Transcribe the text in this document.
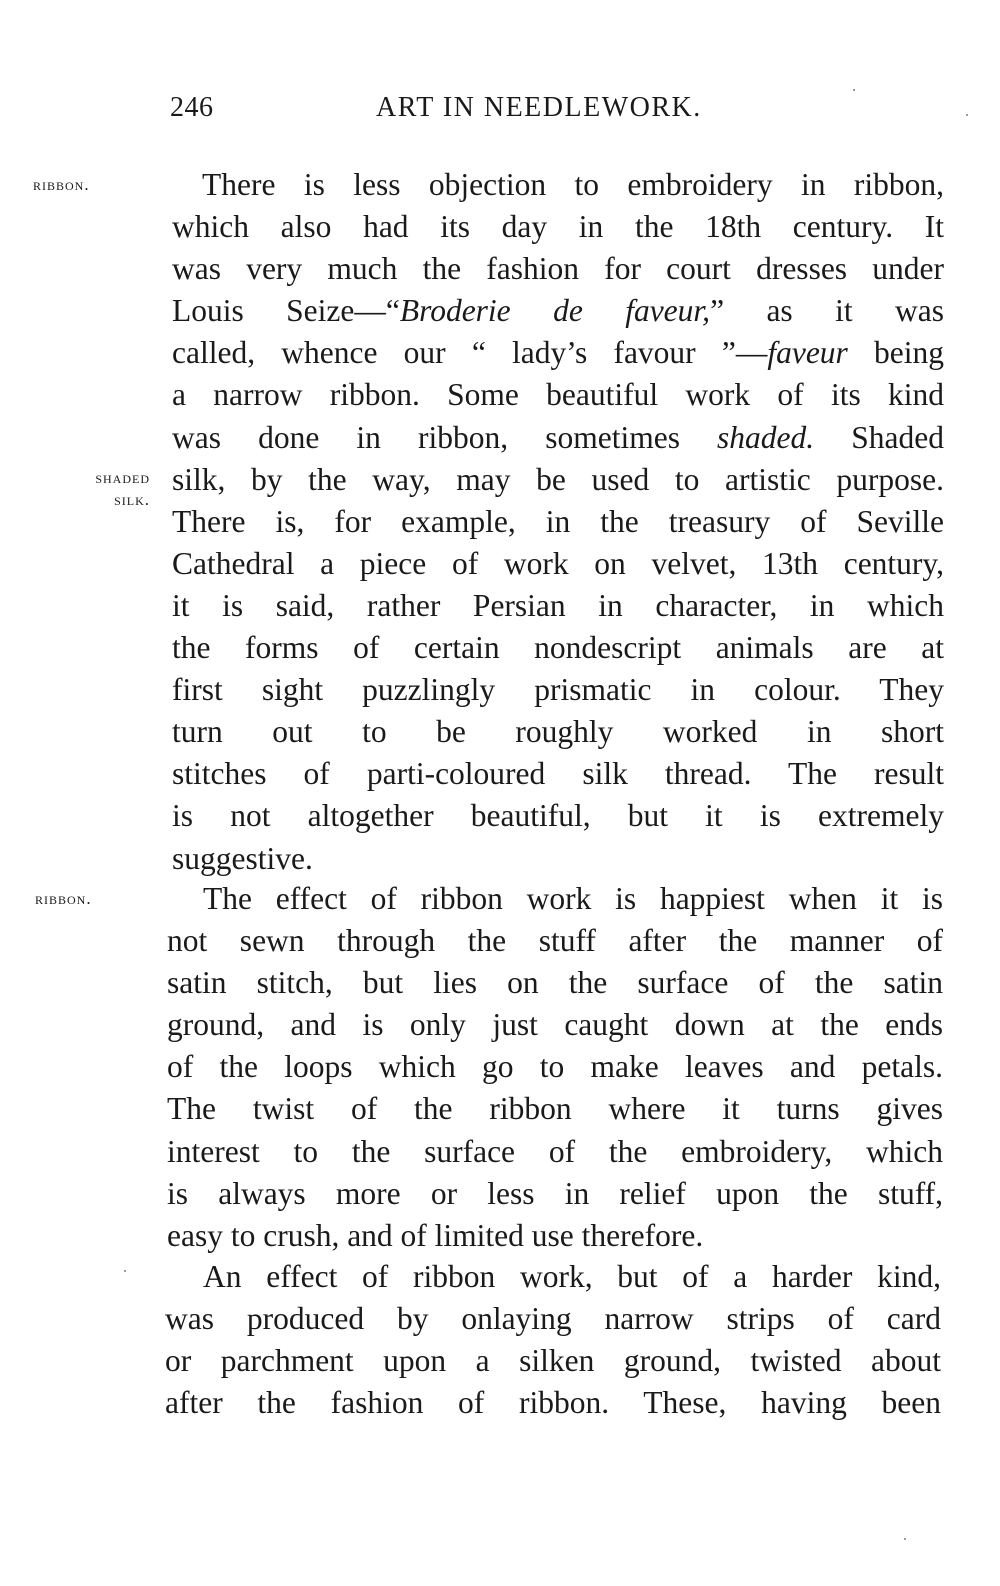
246	ART IN NEEDLEWORK.
ribbon.
shaded
silk.
ribbon.
There is less objection to embroidery in ribbon,
which also had its day in the 18th century. It
was very much the fashion for court dresses under
Louis Seize—“Broderie de faveur,” as it was
called, whence our “ lady’s favour ”—faveur being
a narrow ribbon. Some beautiful work of its kind
was done in ribbon, sometimes shaded. Shaded
silk, by the way, may be used to artistic purpose.
There is, for example, in the treasury of Seville
Cathedral a piece of work on velvet, 13th century,
it is said, rather Persian in character, in which
the forms of certain nondescript animals are at
first sight puzzlingly prismatic in colour. They
turn out to be roughly worked in short
stitches of parti-coloured silk thread. The result
is not altogether beautiful, but it is extremely
suggestive.
The effect of ribbon work is happiest when it is
not sewn through the stuff after the manner of
satin stitch, but lies on the surface of the satin
ground, and is only just caught down at the ends
of the loops which go to make leaves and petals.
The twist of the ribbon where it turns gives
interest to the surface of the embroidery, which
is always more or less in relief upon the stuff,
easy to crush, and of limited use therefore.
An effect of ribbon work, but of a harder kind,
was produced by onlaying narrow strips of card
or parchment upon a silken ground, twisted about
after the fashion of ribbon. These, having been
